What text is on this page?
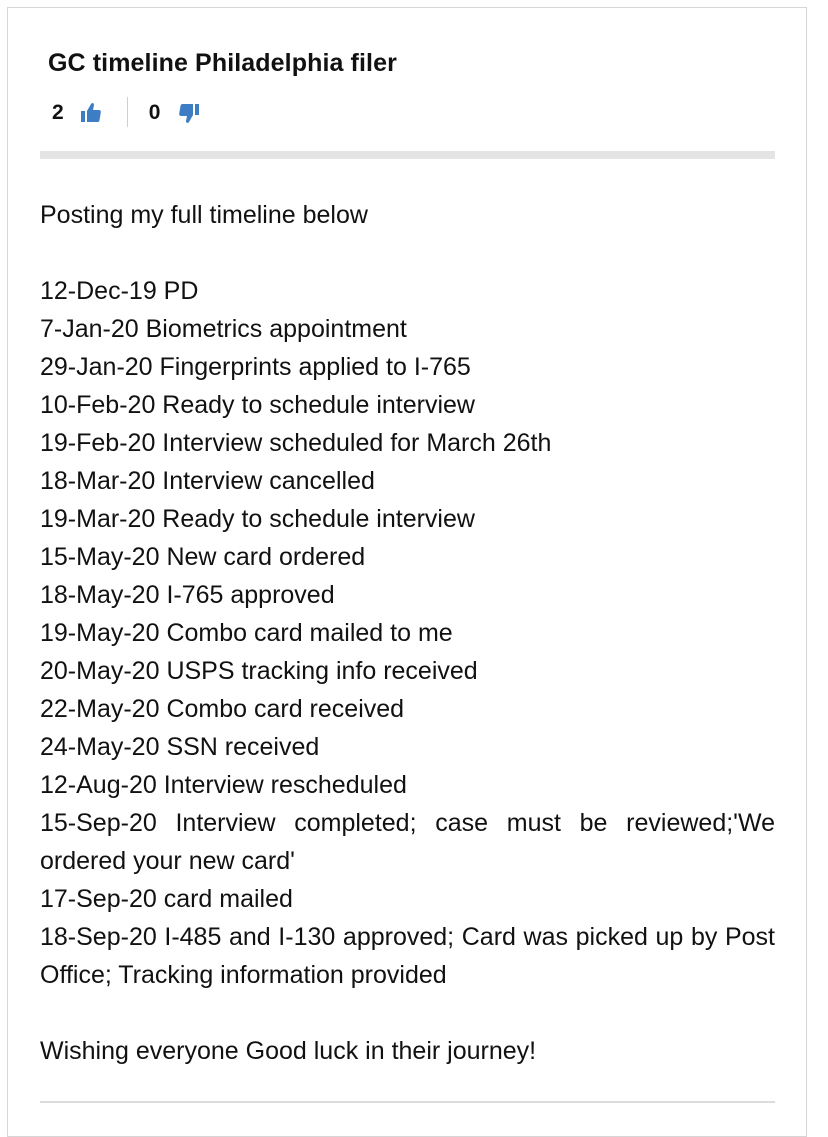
GC timeline Philadelphia filer
2	0

Posting my full timeline below

12-Dec-19 PD
7-Jan-20 Biometrics appointment
29-Jan-20 Fingerprints applied to I-765
10-Feb-20 Ready to schedule interview
19-Feb-20 Interview scheduled for March 26th
18-Mar-20 Interview cancelled
19-Mar-20 Ready to schedule interview
15-May-20 New card ordered
18-May-20 I-765 approved
19-May-20 Combo card mailed to me
20-May-20 USPS tracking info received
22-May-20 Combo card received
24-May-20 SSN received
12-Aug-20 Interview rescheduled
15-Sep-20 Interview completed; case must be reviewed;'We ordered your new card'
17-Sep-20 card mailed
18-Sep-20 I-485 and I-130 approved; Card was picked up by Post Office; Tracking information provided

Wishing everyone Good luck in their journey!
